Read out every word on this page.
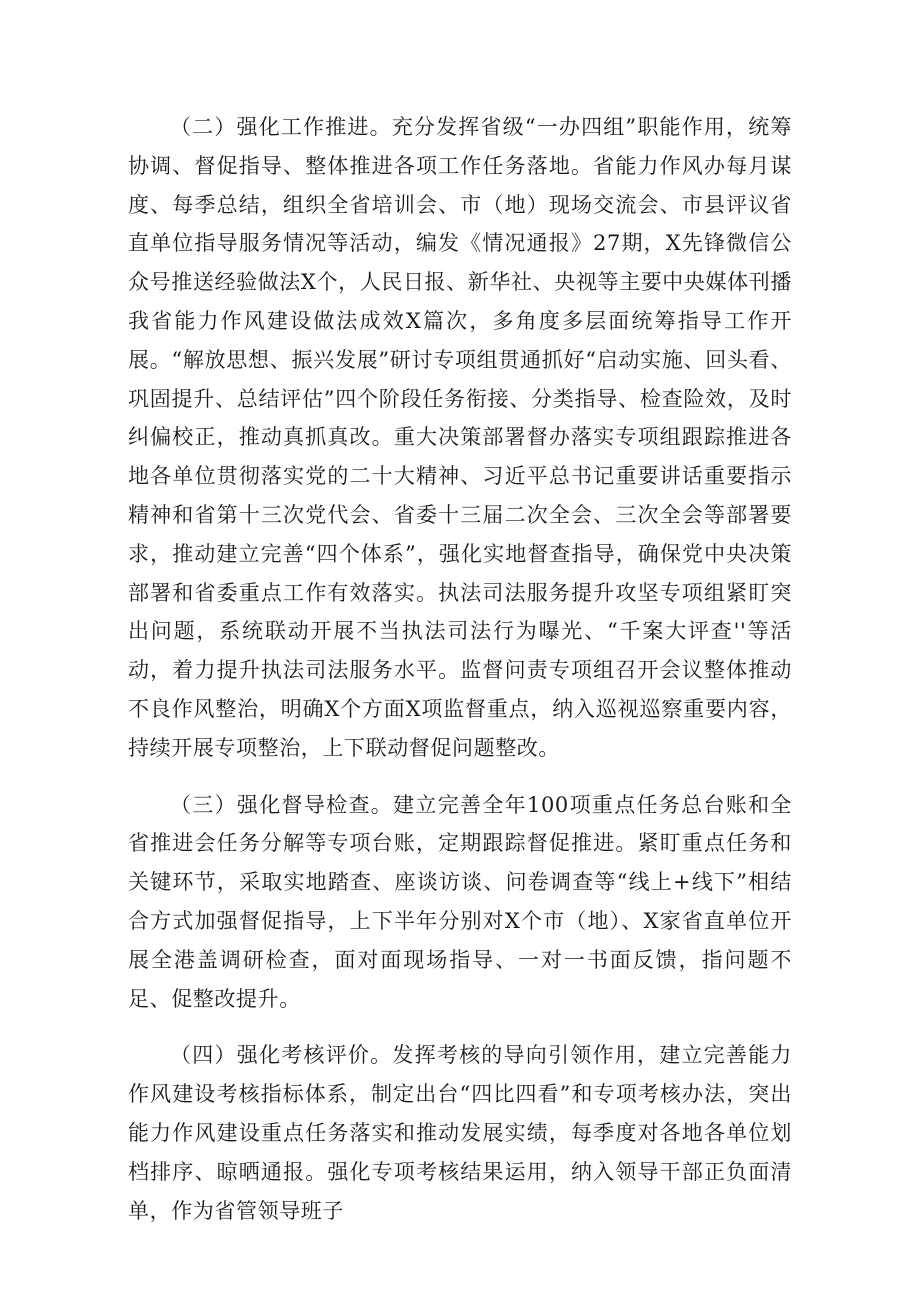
（二）强化工作推进。充分发挥省级“一办四组”职能作用，统筹协调、督促指导、整体推进各项工作任务落地。省能力作风办每月谋度、每季总结，组织全省培训会、市（地）现场交流会、市县评议省直单位指导服务情况等活动，编发《情况通报》27期，X先锋微信公众号推送经验做法X个，人民日报、新华社、央视等主要中央媒体刊播我省能力作风建设做法成效X篇次，多角度多层面统筹指导工作开展。“解放思想、振兴发展”研讨专项组贯通抓好“启动实施、回头看、巩固提升、总结评估”四个阶段任务衔接、分类指导、检查险效，及时纠偏校正，推动真抓真改。重大决策部署督办落实专项组跟踪推进各地各单位贯彻落实党的二十大精神、习近平总书记重要讲话重要指示精神和省第十三次党代会、省委十三届二次全会、三次全会等部署要求，推动建立完善“四个体系”，强化实地督查指导，确保党中央决策部署和省委重点工作有效落实。执法司法服务提升攻坚专项组紧盯突出问题，系统联动开展不当执法司法行为曝光、“千案大评查''等活动，着力提升执法司法服务水平。监督问责专项组召开会议整体推动不良作风整治，明确X个方面X项监督重点，纳入巡视巡察重要内容，持续开展专项整治，上下联动督促问题整改。

（三）强化督导检查。建立完善全年100项重点任务总台账和全省推进会任务分解等专项台账，定期跟踪督促推进。紧盯重点任务和关键环节，采取实地踏查、座谈访谈、问卷调查等“线上+线下”相结合方式加强督促指导，上下半年分别对X个市（地）、X家省直单位开展全港盖调研检查，面对面现场指导、一对一书面反馈，指问题不足、促整改提升。

（四）强化考核评价。发挥考核的导向引领作用，建立完善能力作风建设考核指标体系，制定出台“四比四看”和专项考核办法，突出能力作风建设重点任务落实和推动发展实绩，每季度对各地各单位划档排序、晾晒通报。强化专项考核结果运用，纳入领导干部正负面清单，作为省管领导班子
